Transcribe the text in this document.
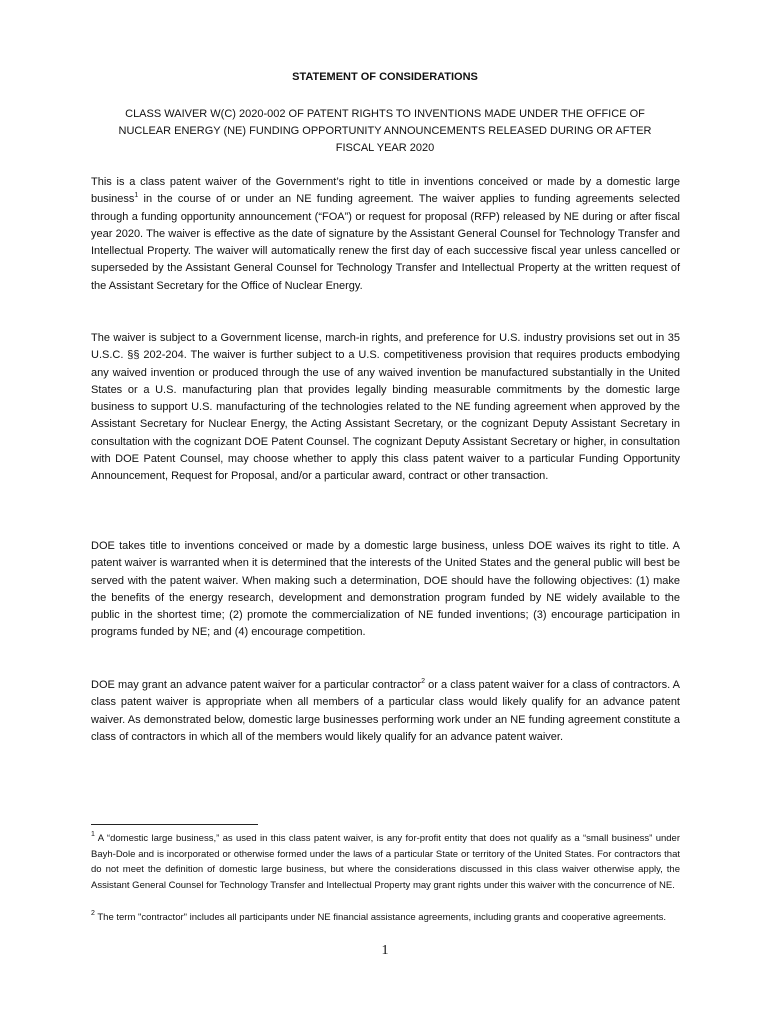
STATEMENT OF CONSIDERATIONS
CLASS WAIVER W(C) 2020-002 OF PATENT RIGHTS TO INVENTIONS MADE UNDER THE OFFICE OF NUCLEAR ENERGY (NE) FUNDING OPPORTUNITY ANNOUNCEMENTS RELEASED DURING OR AFTER FISCAL YEAR 2020

This is a class patent waiver of the Government’s right to title in inventions conceived or made by a domestic large business$^1$ in the course of or under an NE funding agreement. The waiver applies to funding agreements selected through a funding opportunity announcement (“FOA”) or request for proposal (RFP) released by NE during or after fiscal year 2020. The waiver is effective as the date of signature by the Assistant General Counsel for Technology Transfer and Intellectual Property. The waiver will automatically renew the first day of each successive fiscal year unless cancelled or superseded by the Assistant General Counsel for Technology Transfer and Intellectual Property at the written request of the Assistant Secretary for the Office of Nuclear Energy.

The waiver is subject to a Government license, march-in rights, and preference for U.S. industry provisions set out in 35 U.S.C. §§ 202-204. The waiver is further subject to a U.S. competitiveness provision that requires products embodying any waived invention or produced through the use of any waived invention be manufactured substantially in the United States or a U.S. manufacturing plan that provides legally binding measurable commitments by the domestic large business to support U.S. manufacturing of the technologies related to the NE funding agreement when approved by the Assistant Secretary for Nuclear Energy, the Acting Assistant Secretary, or the cognizant Deputy Assistant Secretary in consultation with the cognizant DOE Patent Counsel. The cognizant Deputy Assistant Secretary or higher, in consultation with DOE Patent Counsel, may choose whether to apply this class patent waiver to a particular Funding Opportunity Announcement, Request for Proposal, and/or a particular award, contract or other transaction.

DOE takes title to inventions conceived or made by a domestic large business, unless DOE waives its right to title. A patent waiver is warranted when it is determined that the interests of the United States and the general public will best be served with the patent waiver. When making such a determination, DOE should have the following objectives: (1) make the benefits of the energy research, development and demonstration program funded by NE widely available to the public in the shortest time; (2) promote the commercialization of NE funded inventions; (3) encourage participation in programs funded by NE; and (4) encourage competition.

DOE may grant an advance patent waiver for a particular contractor$^2$ or a class patent waiver for a class of contractors. A class patent waiver is appropriate when all members of a particular class would likely qualify for an advance patent waiver. As demonstrated below, domestic large businesses performing work under an NE funding agreement constitute a class of contractors in which all of the members would likely qualify for an advance patent waiver.

$^1$ A “domestic large business,” as used in this class patent waiver, is any for-profit entity that does not qualify as a “small business” under Bayh-Dole and is incorporated or otherwise formed under the laws of a particular State or territory of the United States. For contractors that do not meet the definition of domestic large business, but where the considerations discussed in this class waiver otherwise apply, the Assistant General Counsel for Technology Transfer and Intellectual Property may grant rights under this waiver with the concurrence of NE.

$^2$ The term "contractor" includes all participants under NE financial assistance agreements, including grants and cooperative agreements.

1
